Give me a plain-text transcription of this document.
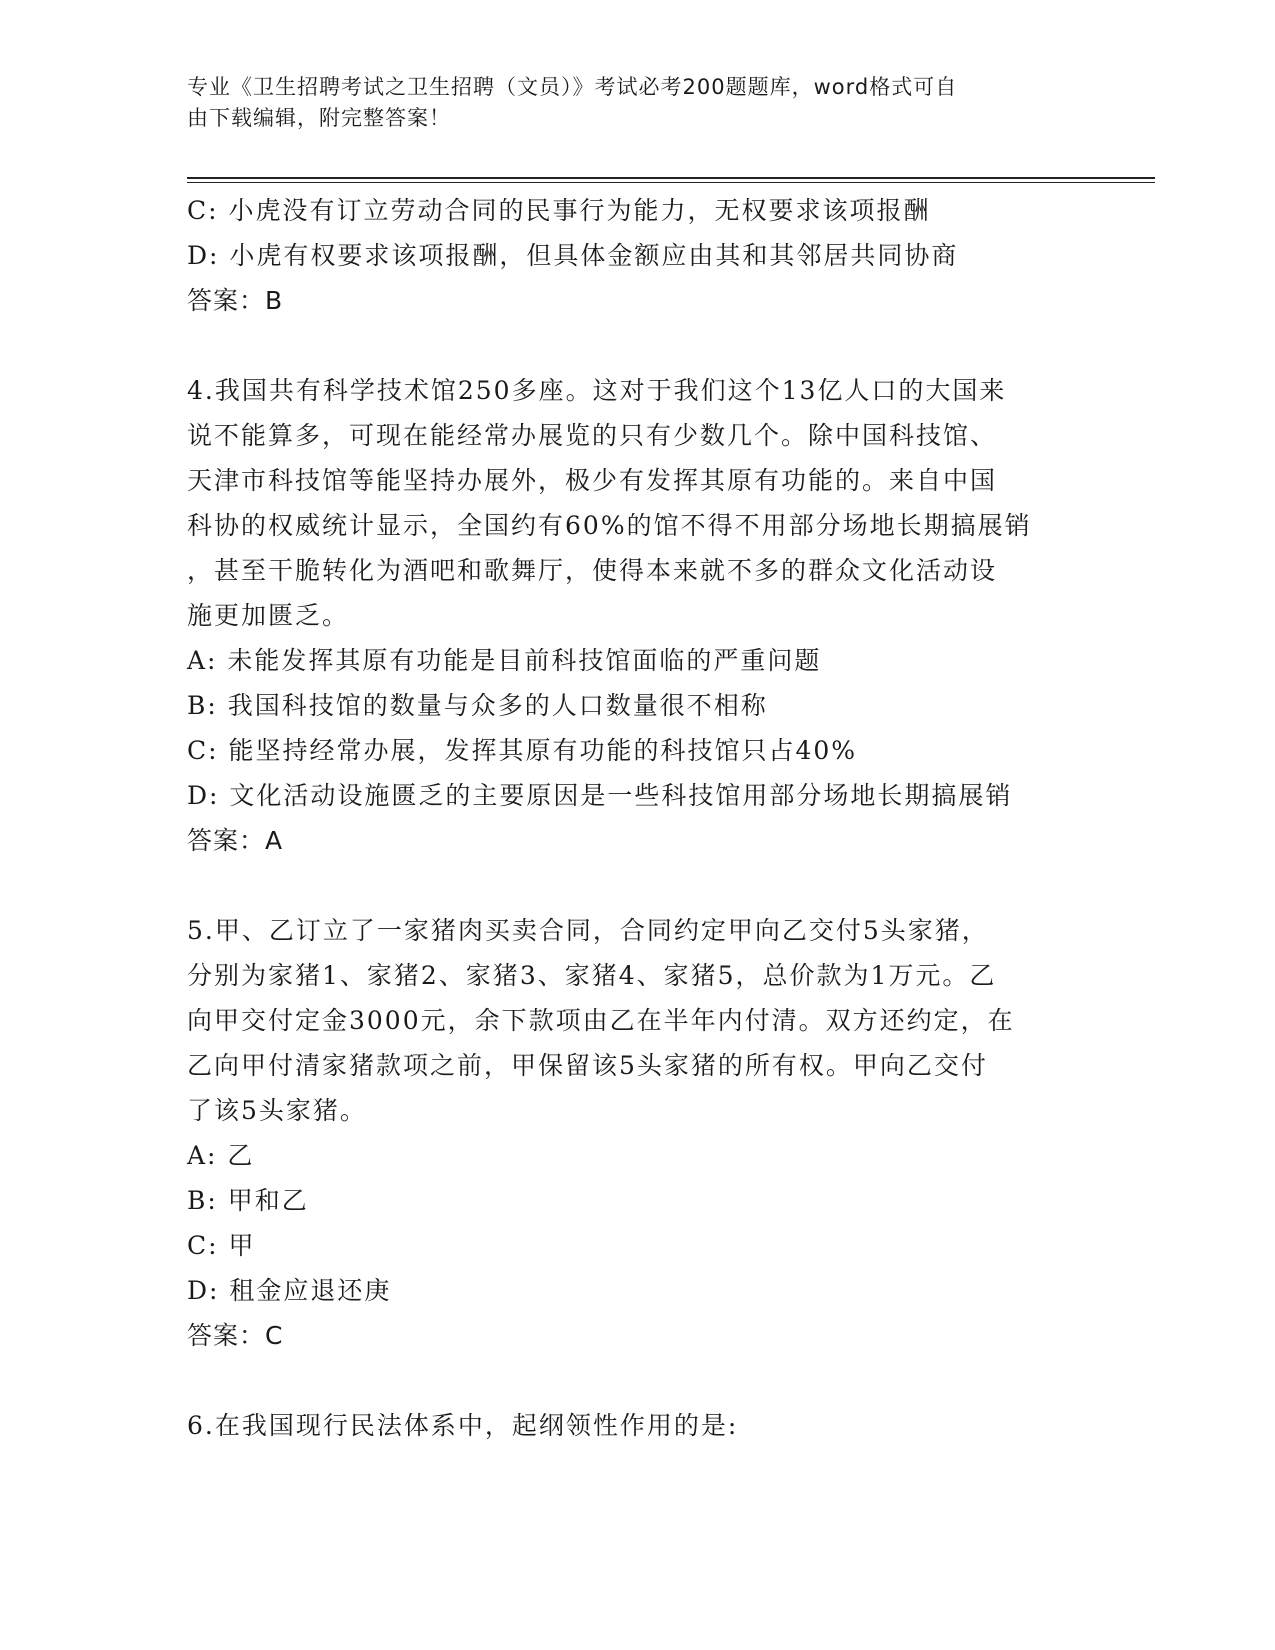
专业《卫生招聘考试之卫生招聘（文员）》考试必考200题题库，word格式可自
由下载编辑，附完整答案！
C: 小虎没有订立劳动合同的民事行为能力，无权要求该项报酬
D: 小虎有权要求该项报酬，但具体金额应由其和其邻居共同协商
答案：B
4.我国共有科学技术馆250多座。这对于我们这个13亿人口的大国来
说不能算多，可现在能经常办展览的只有少数几个。除中国科技馆、
天津市科技馆等能坚持办展外，极少有发挥其原有功能的。来自中国
科协的权威统计显示，全国约有60%的馆不得不用部分场地长期搞展销
，甚至干脆转化为酒吧和歌舞厅，使得本来就不多的群众文化活动设
施更加匮乏。
A: 未能发挥其原有功能是目前科技馆面临的严重问题
B: 我国科技馆的数量与众多的人口数量很不相称
C: 能坚持经常办展，发挥其原有功能的科技馆只占40%
D: 文化活动设施匮乏的主要原因是一些科技馆用部分场地长期搞展销
答案：A
5.甲、乙订立了一家猪肉买卖合同，合同约定甲向乙交付5头家猪，
分别为家猪1、家猪2、家猪3、家猪4、家猪5，总价款为1万元。乙
向甲交付定金3000元，余下款项由乙在半年内付清。双方还约定，在
乙向甲付清家猪款项之前，甲保留该5头家猪的所有权。甲向乙交付
了该5头家猪。
A: 乙
B: 甲和乙
C: 甲
D: 租金应退还庚
答案：C
6.在我国现行民法体系中，起纲领性作用的是:
